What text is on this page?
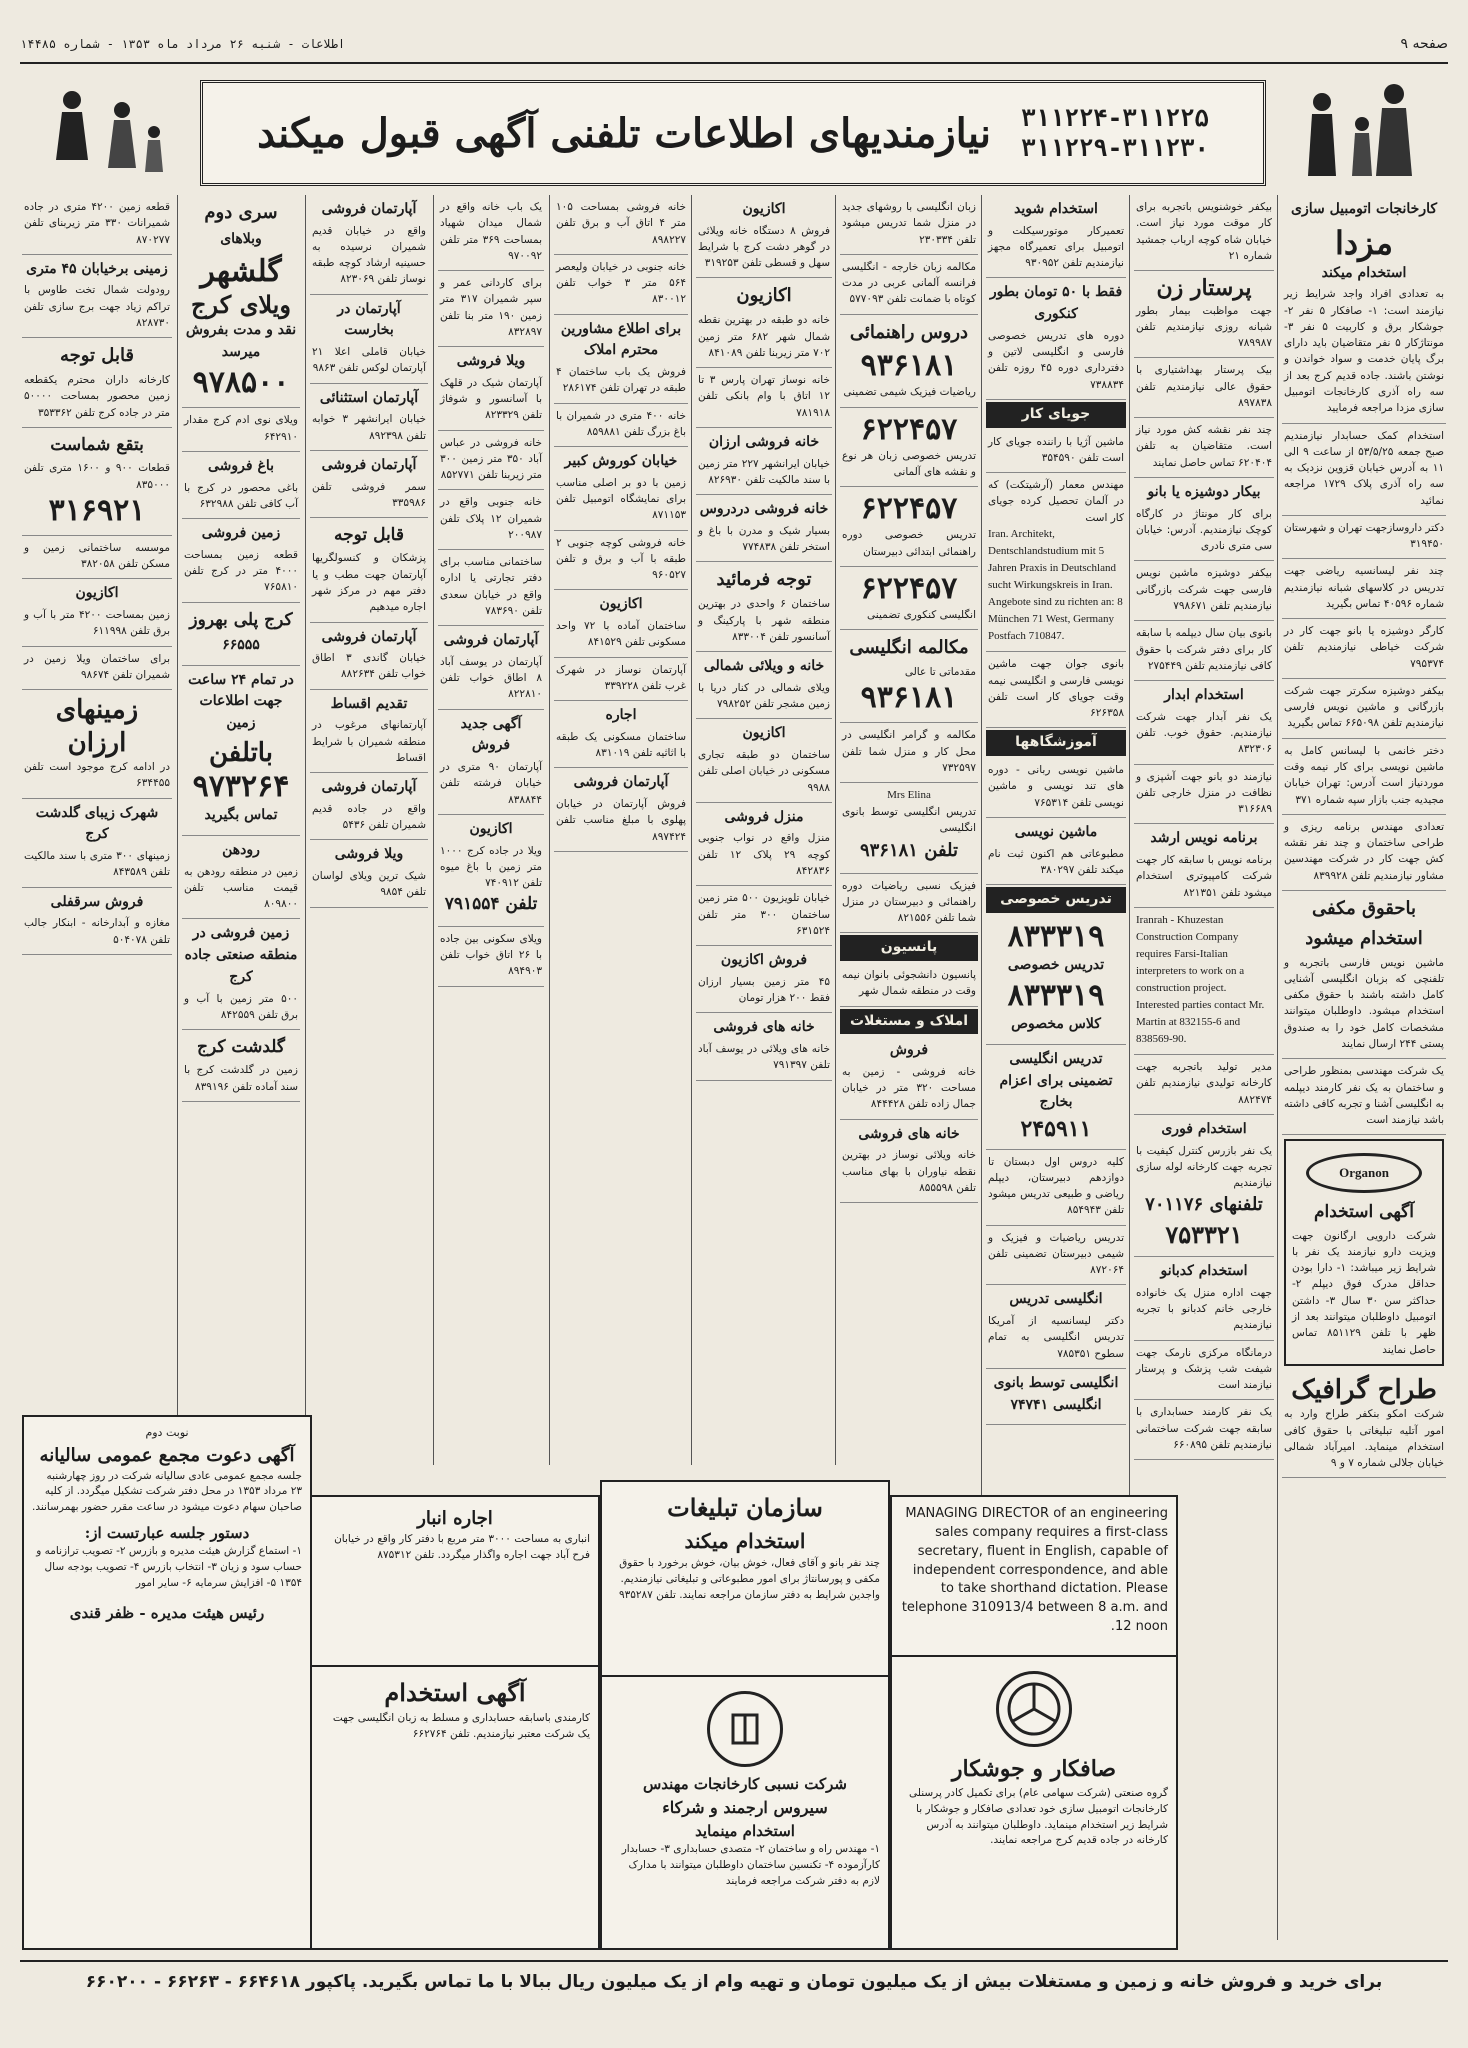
صفحه ۹
اطلاعات - شنبه ۲۶ مرداد ماه ۱۳۵۳ - شماره ۱۴۴۸۵
۳۱۱۲۲۴-۳۱۱۲۲۵
۳۱۱۲۲۹-۳۱۱۲۳۰
نیازمندیهای اطلاعات تلفنی آگهی قبول میکند
کارخانجات اتومبیل سازی
مزدا
استخدام میکند
به تعدادی افراد واجد شرایط زیر نیازمند است: ۱- صافکار ۵ نفر ۲- جوشکار برق و کاربیت ۵ نفر ۳- مونتاژکار ۵ نفر متقاضیان باید دارای برگ پایان خدمت و سواد خواندن و نوشتن باشند. جاده قدیم کرج بعد از سه راه آذری کارخانجات اتومبیل سازی مزدا مراجعه فرمایید
استخدام کمک حسابدار نیازمندیم صبح جمعه ۵۳/۵/۲۵ از ساعت ۹ الی ۱۱ به آدرس خیابان قزوین نزدیک به سه راه آذری پلاک ۱۷۲۹ مراجعه نمائید
دکتر داروسازجهت تهران و شهرستان ۳۱۹۴۵۰
چند نفر لیسانسیه ریاضی جهت تدریس در کلاسهای شبانه نیازمندیم شماره ۴۰۵۹۶ تماس بگیرید
کارگر دوشیزه یا بانو جهت کار در شرکت خیاطی نیازمندیم تلفن ۷۹۵۳۷۴
بیکفر دوشیزه سکرتر جهت شرکت بازرگانی و ماشین نویس فارسی نیازمندیم تلفن ۶۶۵۰۹۸ تماس بگیرید
دختر خانمی با لیسانس کامل به ماشین نویسی برای کار نیمه وقت موردنیاز است آدرس: تهران خیابان مجیدیه جنب بازار سپه شماره ۳۷۱
تعدادی مهندس برنامه ریزی و طراحی ساختمان و چند نفر نقشه کش جهت کار در شرکت مهندسین مشاور نیازمندیم تلفن ۸۳۹۹۲۸
باحقوق مکفی
استخدام میشود
ماشین نویس فارسی باتجربه و تلفنچی که بزبان انگلیسی آشنایی کامل داشته باشند با حقوق مکفی استخدام میشود. داوطلبان میتوانند مشخصات کامل خود را به صندوق پستی ۲۴۴ ارسال نمایند
یک شرکت مهندسی بمنظور طراحی و ساختمان به یک نفر کارمند دیپلمه به انگلیسی آشنا و تجربه کافی داشته باشد نیازمند است
Organon
آگهی استخدام
شرکت دارویی ارگانون جهت ویزیت دارو نیازمند یک نفر با شرایط زیر میباشد: ۱- دارا بودن حداقل مدرک فوق دیپلم ۲- حداکثر سن ۳۰ سال ۳- داشتن اتومبیل داوطلبان میتوانند بعد از ظهر با تلفن ۸۵۱۱۲۹ تماس حاصل نمایند
طراح گرافیک
شرکت امکو بنکفر طراح وارد به امور آتلیه تبلیغاتی با حقوق کافی استخدام مینماید. امیرآباد شمالی خیابان جلالی شماره ۷ و ۹
بیکفر خوشنویس باتجربه برای کار موقت مورد نیاز است. خیابان شاه کوچه ارباب جمشید شماره ۲۱
پرستار زن
جهت مواظبت بیمار بطور شبانه روزی نیازمندیم تلفن ۷۸۹۹۸۷
بیک پرستار بهداشتیاری با حقوق عالی نیازمندیم تلفن ۸۹۷۸۳۸
چند نفر نقشه کش مورد نیاز است. متقاضیان به تلفن ۶۲۰۴۰۴ تماس حاصل نمایند
بیکار دوشیزه یا بانو
برای کار مونتاژ در کارگاه کوچک نیازمندیم. آدرس: خیابان سی متری نادری
بیکفر دوشیزه ماشین نویس فارسی جهت شرکت بازرگانی نیازمندیم تلفن ۷۹۸۶۷۱
بانوی بیان سال دیپلمه با سابقه کار برای دفتر شرکت با حقوق کافی نیازمندیم تلفن ۲۷۵۴۴۹
استخدام ابدار
یک نفر آبدار جهت شرکت نیازمندیم. حقوق خوب. تلفن ۸۳۲۳۰۶
نیازمند دو بانو جهت آشپزی و نظافت در منزل خارجی تلفن ۳۱۶۶۸۹
برنامه نویس ارشد
برنامه نویس با سابقه کار جهت شرکت کامپیوتری استخدام میشود تلفن ۸۲۱۳۵۱
Iranrah - Khuzestan Construction Company requires Farsi-Italian interpreters to work on a construction project. Interested parties contact Mr. Martin at 832155-6 and 838569-90.
مدیر تولید باتجربه جهت کارخانه تولیدی نیازمندیم تلفن ۸۸۲۴۷۴
استخدام فوری
یک نفر بازرس کنترل کیفیت با تجربه جهت کارخانه لوله سازی نیازمندیم
تلفنهای ۷۰۱۱۷۶
۷۵۳۳۲۱
استخدام کدبانو
جهت اداره منزل یک خانواده خارجی خانم کدبانو با تجربه نیازمندیم
درمانگاه مرکزی نارمک جهت شیفت شب پزشک و پرستار نیازمند است
یک نفر کارمند حسابداری با سابقه جهت شرکت ساختمانی نیازمندیم تلفن ۶۶۰۸۹۵
استخدام شوید
تعمیرکار موتورسیکلت و اتومبیل برای تعمیرگاه مجهز نیازمندیم تلفن ۹۳۰۹۵۲
فقط با ۵۰ تومان بطور کنکوری
دوره های تدریس خصوصی فارسی و انگلیسی لاتین و دفترداری دوره ۴۵ روزه تلفن ۷۳۸۸۳۴
جویای کار
ماشین آژیا با راننده جویای کار است تلفن ۳۵۴۵۹۰
مهندس معمار (آرشیتکت) که در آلمان تحصیل کرده جویای کار است
Iran. Architekt, Dentschlandstudium mit 5 Jahren Praxis in Deutschland sucht Wirkungskreis in Iran. Angebote sind zu richten an: 8 München 71 West, Germany Postfach 710847.
بانوی جوان جهت ماشین نویسی فارسی و انگلیسی نیمه وقت جویای کار است تلفن ۶۲۶۳۵۸
آموزشگاهها
ماشین نویسی ربانی - دوره های تند نویسی و ماشین نویسی تلفن ۷۶۵۳۱۴
ماشین نویسی
مطبوعاتی هم اکنون ثبت نام میکند تلفن ۳۸۰۲۹۷
تدریس خصوصی
۸۳۳۳۱۹
تدریس خصوصی
۸۳۳۳۱۹
کلاس مخصوص
تدریس انگلیسی تضمینی برای اعزام بخارج
۲۴۵۹۱۱
کلیه دروس اول دبستان تا دوازدهم دبیرستان، دیپلم ریاضی و طبیعی تدریس میشود تلفن ۸۵۴۹۴۳
تدریس ریاضیات و فیزیک و شیمی دبیرستان تضمینی تلفن ۸۷۲۰۶۴
انگلیسی تدریس
دکتر لیسانسیه از آمریکا تدریس انگلیسی به تمام سطوح ۷۸۵۳۵۱
انگلیسی توسط بانوی انگلیسی ۷۴۷۴۱
زبان انگلیسی با روشهای جدید در منزل شما تدریس میشود تلفن ۲۳۰۳۳۴
مکالمه زبان خارجه - انگلیسی فرانسه آلمانی عربی در مدت کوتاه با ضمانت تلفن ۵۷۷۰۹۳
دروس راهنمائی
۹۳۶۱۸۱
ریاضیات فیزیک شیمی تضمینی
۶۲۲۴۵۷
تدریس خصوصی زبان هر نوع و نقشه های آلمانی
۶۲۲۴۵۷
تدریس خصوصی دوره راهنمائی ابتدائی دبیرستان
۶۲۲۴۵۷
انگلیسی کنکوری تضمینی
مکالمه انگلیسی
مقدماتی تا عالی
۹۳۶۱۸۱
مکالمه و گرامر انگلیسی در محل کار و منزل شما تلفن ۷۳۲۵۹۷
Mrs Elina
تدریس انگلیسی توسط بانوی انگلیسی
تلفن ۹۳۶۱۸۱
فیزیک نسبی ریاضیات دوره راهنمائی و دبیرستان در منزل شما تلفن ۸۲۱۵۵۶
پانسیون
پانسیون دانشجوئی بانوان نیمه وقت در منطقه شمال شهر
املاک و مستغلات
فروش
خانه فروشی - زمین به مساحت ۳۲۰ متر در خیابان جمال زاده تلفن ۸۴۴۴۲۸
خانه های فروشی
خانه ویلائی نوساز در بهترین نقطه نیاوران با بهای مناسب تلفن ۸۵۵۵۹۸
اکازیون
فروش ۸ دستگاه خانه ویلائی در گوهر دشت کرج با شرایط سهل و قسطی تلفن ۳۱۹۲۵۳
اکازیون
خانه دو طبقه در بهترین نقطه شمال شهر ۶۸۲ متر زمین ۷۰۲ متر زیربنا تلفن ۸۴۱۰۸۹
خانه نوساز تهران پارس ۳ تا ۱۲ اتاق با وام بانکی تلفن ۷۸۱۹۱۸
خانه فروشی ارزان
خیابان ایرانشهر ۲۲۷ متر زمین با سند مالکیت تلفن ۸۲۶۹۳۰
خانه فروشی دردروس
بسیار شیک و مدرن با باغ و استخر تلفن ۷۷۴۸۳۸
توجه فرمائید
ساختمان ۶ واحدی در بهترین منطقه شهر با پارکینگ و آسانسور تلفن ۸۳۳۰۰۴
خانه و ویلائی شمالی
ویلای شمالی در کنار دریا با زمین مشجر تلفن ۷۹۸۲۵۲
اکازیون
ساختمان دو طبقه تجاری مسکونی در خیابان اصلی تلفن ۹۹۸۸
منزل فروشی
منزل واقع در نواب جنوبی کوچه ۲۹ پلاک ۱۲ تلفن ۸۴۲۸۳۶
خیابان تلویزیون ۵۰۰ متر زمین ساختمان ۳۰۰ متر تلفن ۶۳۱۵۲۴
فروش اکازیون
۴۵ متر زمین بسیار ارزان فقط ۲۰۰ هزار تومان
خانه های فروشی
خانه های ویلائی در یوسف آباد تلفن ۷۹۱۳۹۷
خانه فروشی بمساحت ۱۰۵ متر ۴ اتاق آب و برق تلفن ۸۹۸۲۲۷
خانه جنوبی در خیابان ولیعصر ۵۶۴ متر ۳ خواب تلفن ۸۳۰۰۱۲
برای اطلاع مشاورین محترم املاک
فروش یک باب ساختمان ۴ طبقه در تهران تلفن ۲۸۶۱۷۴
خانه ۴۰۰ متری در شمیران با باغ بزرگ تلفن ۸۵۹۸۸۱
خیابان کوروش کبیر
زمین با دو بر اصلی مناسب برای نمایشگاه اتومبیل تلفن ۸۷۱۱۵۳
خانه فروشی کوچه جنوبی ۲ طبقه با آب و برق و تلفن ۹۶۰۵۲۷
اکازیون
ساختمان آماده با ۷۲ واحد مسکونی تلفن ۸۴۱۵۲۹
آپارتمان نوساز در شهرک غرب تلفن ۳۳۹۲۲۸
اجاره
ساختمان مسکونی یک طبقه با اثاثیه تلفن ۸۳۱۰۱۹
آپارتمان فروشی
فروش آپارتمان در خیابان پهلوی با مبلغ مناسب تلفن ۸۹۷۴۲۴
یک باب خانه واقع در شمال میدان شهیاد بمساحت ۳۶۹ متر تلفن ۹۷۰۰۹۲
برای کاردانی عمر و سپر شمیران ۳۱۷ متر زمین ۱۹۰ متر بنا تلفن ۸۳۲۸۹۷
ویلا فروشی
آپارتمان شیک در قلهک با آسانسور و شوفاژ تلفن ۸۲۳۳۲۹
خانه فروشی در عباس آباد ۳۵۰ متر زمین ۳۰۰ متر زیربنا تلفن ۸۵۲۷۷۱
خانه جنوبی واقع در شمیران ۱۲ پلاک تلفن ۲۰۰۹۸۷
ساختمانی مناسب برای دفتر تجارتی یا اداره واقع در خیابان سعدی تلفن ۷۸۳۶۹۰
آپارتمان فروشی
آپارتمان در یوسف آباد ۸ اطاق خواب تلفن ۸۲۲۸۱۰
آگهی جدید فروش
آپارتمان ۹۰ متری در خیابان فرشته تلفن ۸۳۸۸۴۴
اکازیون
ویلا در جاده کرج ۱۰۰۰ متر زمین با باغ میوه تلفن ۷۴۰۹۱۲
تلفن ۷۹۱۵۵۴
ویلای سکونی بین جاده با ۲۶ اتاق خواب تلفن ۸۹۴۹۰۳
آپارتمان فروشی
واقع در خیابان قدیم شمیران نرسیده به حسینیه ارشاد کوچه طبقه نوساز تلفن ۸۲۳۰۶۹
آپارتمان در بخارست
خیابان قاملی اعلا ۲۱ آپارتمان لوکس تلفن ۹۸۶۳
آپارتمان استثنائی
خیابان ایرانشهر ۳ خوابه تلفن ۸۹۲۳۹۸
آپارتمان فروشی
سمر فروشی تلفن ۳۳۵۹۸۶
قابل توجه
پزشکان و کنسولگریها آپارتمان جهت مطب و یا دفتر مهم در مرکز شهر اجاره میدهیم
آپارتمان فروشی
خیابان گاندی ۳ اطاق خواب تلفن ۸۸۲۶۳۴
تقدیم اقساط
آپارتمانهای مرغوب در منطقه شمیران با شرایط اقساط
آپارتمان فروشی
واقع در جاده قدیم شمیران تلفن ۵۴۳۶
ویلا فروشی
شیک ترین ویلای لواسان تلفن ۹۸۵۴
سری دوم
وبلاهای
گلشهر
ویلای کرج
نقد و مدت بفروش میرسد
۹۷۸۵۰۰
ویلای نوی ادم کرج مقدار ۶۴۲۹۱۰
باغ فروشی
باغی محصور در کرج با آب کافی تلفن ۶۳۲۹۸۸
زمین فروشی
قطعه زمین بمساحت ۴۰۰۰ متر در کرج تلفن ۷۶۵۸۱۰
کرج پلی بهروز
۶۶۵۵۵
در تمام ۲۴ ساعت جهت اطلاعات زمین
باتلفن
۹۷۳۲۶۴
تماس بگیرید
رودهن
زمین در منطقه رودهن به قیمت مناسب تلفن ۸۰۹۸۰۰
زمین فروشی در منطقه صنعتی جاده کرج
۵۰۰ متر زمین با آب و برق تلفن ۸۴۲۵۵۹
گلدشت کرج
زمین در گلدشت کرج با سند آماده تلفن ۸۳۹۱۹۶
قطعه زمین ۴۲۰۰ متری در جاده شمیرانات ۳۳۰ متر زیربنای تلفن ۸۷۰۲۷۷
زمینی برخیابان ۴۵ متری
رودولت شمال تخت طاوس با تراکم زیاد جهت برج سازی تلفن ۸۲۸۷۳۰
قابل توجه
کارخانه داران محترم یکقطعه زمین محصور بمساحت ۵۰۰۰۰ متر در جاده کرج تلفن ۳۵۳۳۶۲
بتقع شماست
قطعات ۹۰۰ و ۱۶۰۰ متری تلفن ۸۳۵۰۰۰
۳۱۶۹۲۱
موسسه ساختمانی زمین و مسکن تلفن ۳۸۲۰۵۸
اکازیون
زمین بمساحت ۴۲۰۰ متر با آب و برق تلفن ۶۱۱۹۹۸
برای ساختمان ویلا زمین در شمیران تلفن ۹۸۶۷۴
زمینهای
ارزان
در ادامه کرج موجود است تلفن ۶۳۴۴۵۵
شهرک زیبای گلدشت کرج
زمینهای ۳۰۰ متری با سند مالکیت تلفن ۸۴۳۵۸۹
فروش سرقفلی
مغازه و آبدارخانه - ابنکار جالب تلفن ۵۰۴۰۷۸
نوبت دوم
آگهی دعوت مجمع عمومی سالیانه
جلسه مجمع عمومی عادی سالیانه شرکت در روز چهارشنبه ۲۳ مرداد ۱۳۵۳ در محل دفتر شرکت تشکیل میگردد. از کلیه صاحبان سهام دعوت میشود در ساعت مقرر حضور بهمرسانند.
دستور جلسه عبارتست از:
۱- استماع گزارش هیئت مدیره و بازرس ۲- تصویب ترازنامه و حساب سود و زیان ۳- انتخاب بازرس ۴- تصویب بودجه سال ۱۳۵۴ ۵- افزایش سرمایه ۶- سایر امور
رئیس هیئت مدیره - ظفر قندی
اجاره انبار
انباری به مساحت ۳۰۰۰ متر مربع با دفتر کار واقع در خیابان فرح آباد جهت اجاره واگذار میگردد. تلفن ۸۷۵۳۱۲
آگهی استخدام
کارمندی باسابقه حسابداری و مسلط به زبان انگلیسی جهت یک شرکت معتبر نیازمندیم. تلفن ۶۶۲۷۶۴
سازمان تبلیغات
استخدام میکند
چند نفر بانو و آقای فعال، خوش بیان، خوش برخورد با حقوق مکفی و پورسانتاژ برای امور مطبوعاتی و تبلیغاتی نیازمندیم. واجدین شرایط به دفتر سازمان مراجعه نمایند. تلفن ۹۳۵۲۸۷
شرکت نسبی کارخانجات مهندس
سیروس ارجمند و شرکاء
استخدام مینماید
۱- مهندس راه و ساختمان ۲- متصدی حسابداری ۳- حسابدار کارآزموده ۴- تکنسین ساختمان داوطلبان میتوانند با مدارک لازم به دفتر شرکت مراجعه فرمایند
MANAGING DIRECTOR of an engineering sales company requires a first-class secretary, fluent in English, capable of independent correspondence, and able to take shorthand dictation. Please telephone 310913/4 between 8 a.m. and 12 noon.
صافکار و جوشکار
گروه صنعتی (شرکت سهامی عام) برای تکمیل کادر پرسنلی کارخانجات اتومبیل سازی خود تعدادی صافکار و جوشکار با شرایط زیر استخدام مینماید. داوطلبان میتوانند به آدرس کارخانه در جاده قدیم کرج مراجعه نمایند.
برای خرید و فروش خانه و زمین و مستغلات بیش از یک میلیون تومان و تهیه وام از یک میلیون ریال ببالا با ما تماس بگیرید. پاکپور ۶۶۴۶۱۸ - ۶۶۲۶۳ - ۶۶۰۲۰۰
